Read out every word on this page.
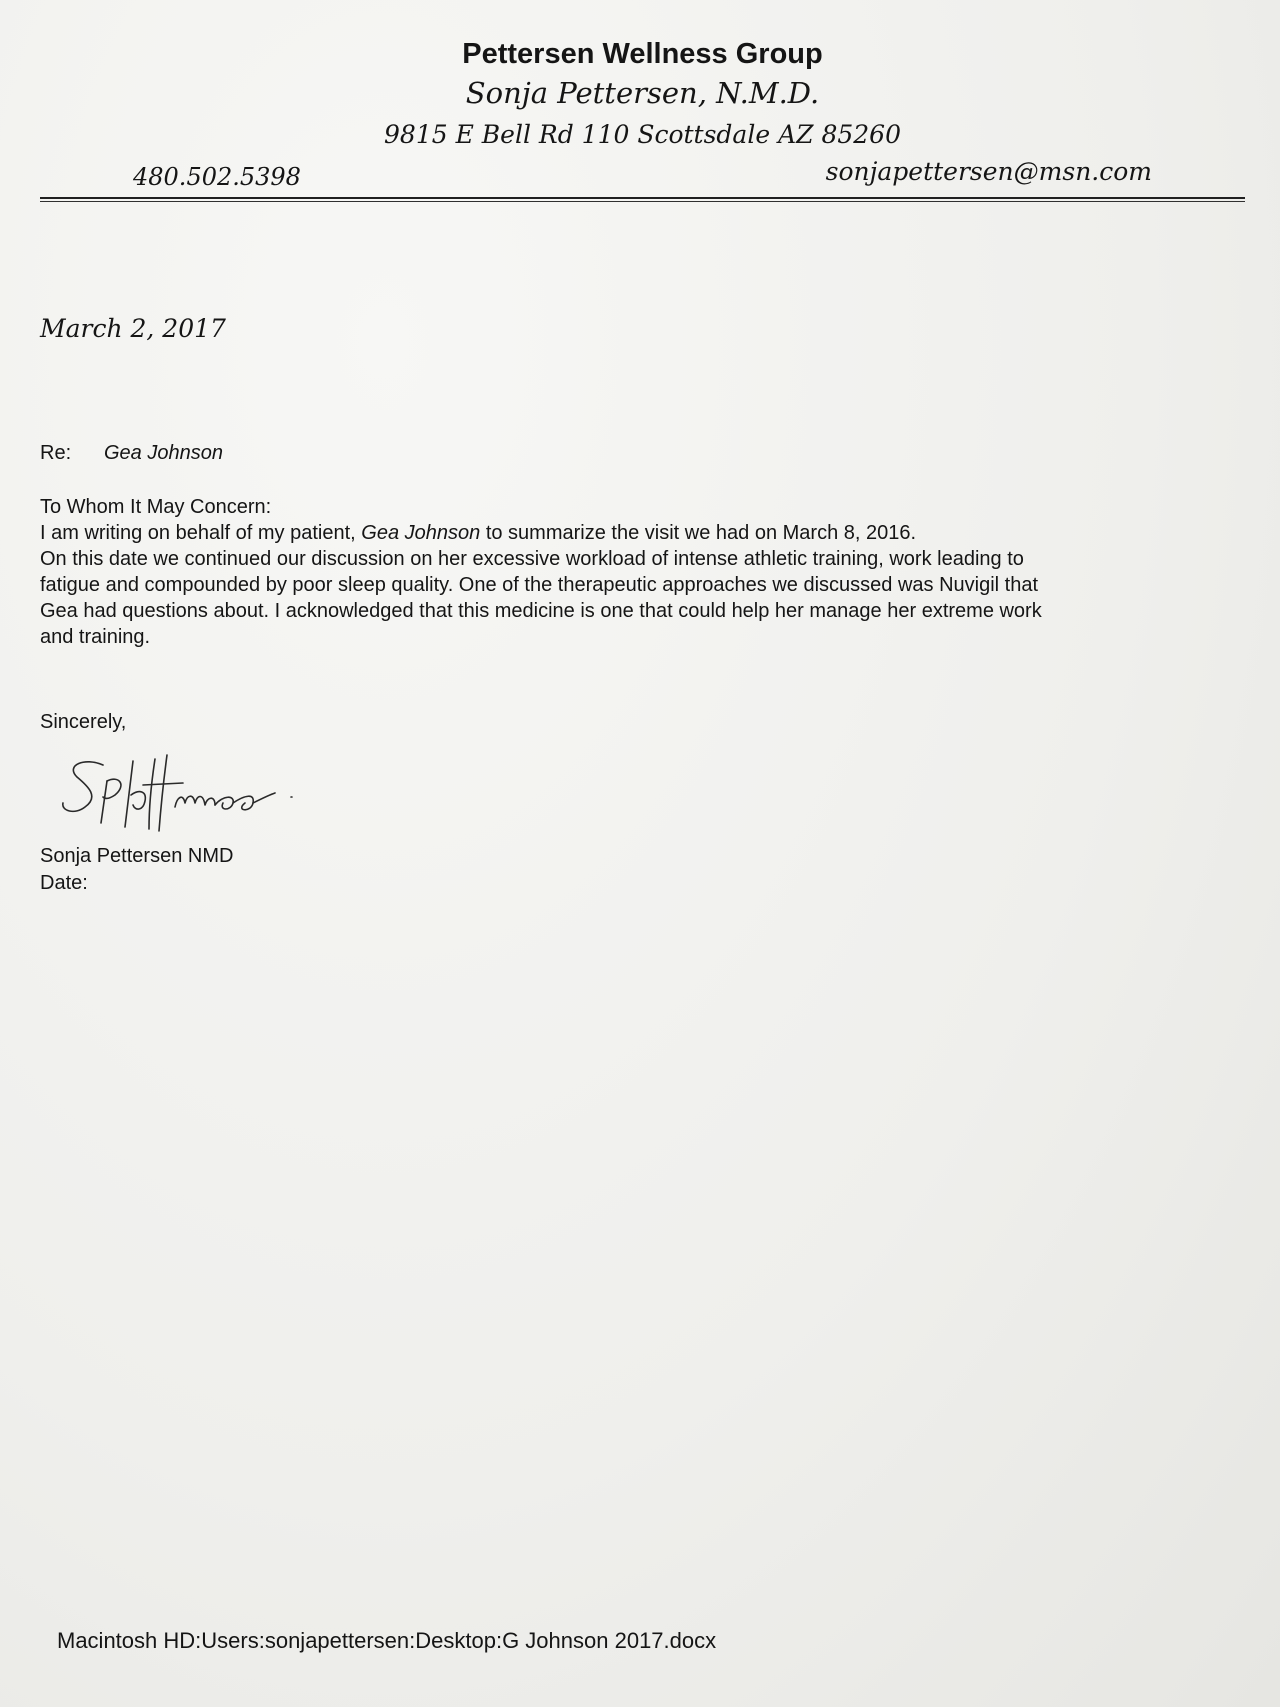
Pettersen Wellness Group
Sonja Pettersen, N.M.D.
9815 E Bell Rd 110 Scottsdale AZ 85260
480.502.5398	sonjapettersen@msn.com
March 2, 2017
Re: Gea Johnson
To Whom It May Concern:
I am writing on behalf of my patient, Gea Johnson to summarize the visit we had on March 8, 2016.
On this date we continued our discussion on her excessive workload of intense athletic training, work leading to
fatigue and compounded by poor sleep quality. One of the therapeutic approaches we discussed was Nuvigil that
Gea had questions about. I acknowledged that this medicine is one that could help her manage her extreme work
and training.
Sincerely,
Sonja Pettersen NMD
Date:
Macintosh HD:Users:sonjapettersen:Desktop:G Johnson 2017.docx
